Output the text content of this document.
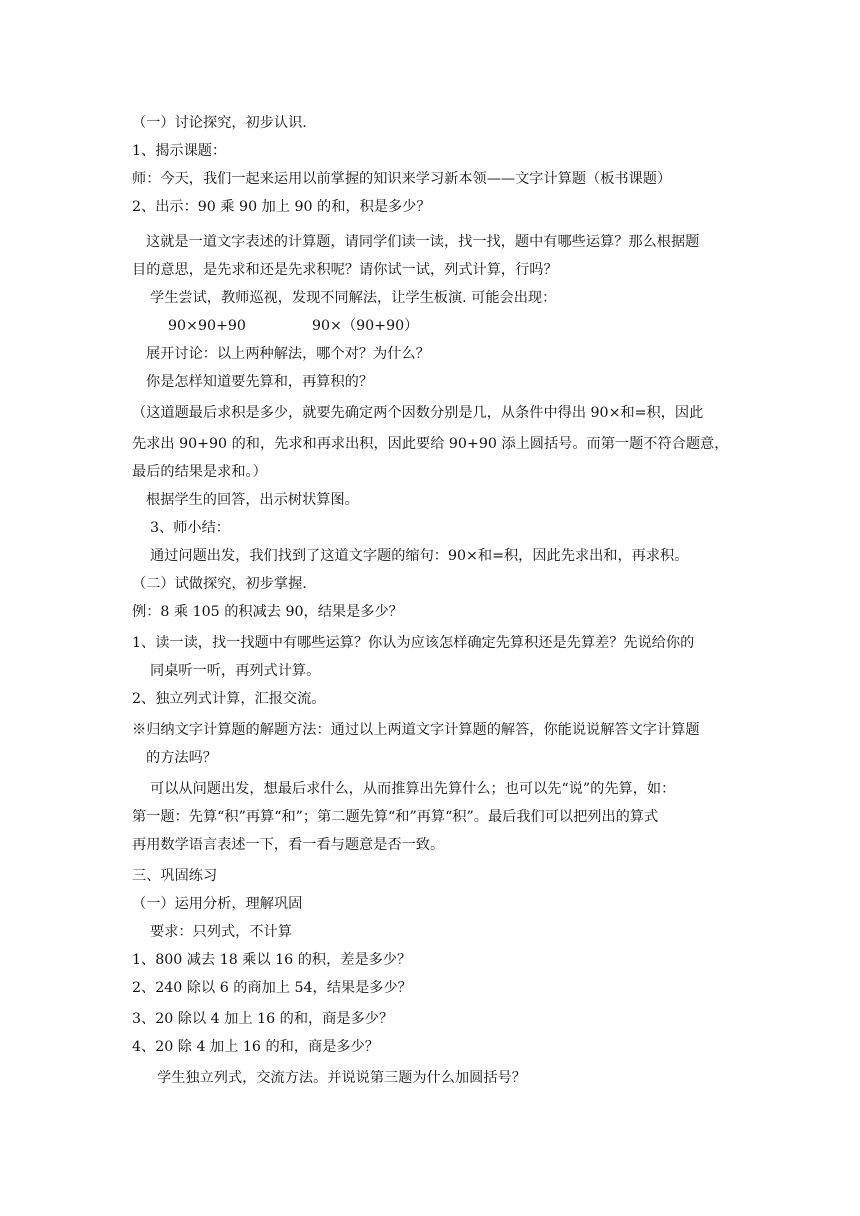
（一）讨论探究，初步认识.
1、揭示课题：
师：今天，我们一起来运用以前掌握的知识来学习新本领——文字计算题（板书课题）
2、出示：90 乘 90 加上 90 的和，积是多少？
这就是一道文字表述的计算题，请同学们读一读，找一找，题中有哪些运算？那么根据题
目的意思，是先求和还是先求积呢？请你试一试，列式计算，行吗？
学生尝试，教师巡视，发现不同解法，让学生板演. 可能会出现：
90×90+90	90×（90+90）
展开讨论：以上两种解法，哪个对？为什么？
你是怎样知道要先算和，再算积的？
（这道题最后求积是多少，就要先确定两个因数分别是几，从条件中得出 90×和=积，因此
先求出 90+90 的和，先求和再求出积，因此要给 90+90 添上圆括号。而第一题不符合题意，
最后的结果是求和。）
根据学生的回答，出示树状算图。
3、师小结：
通过问题出发，我们找到了这道文字题的缩句：90×和=积，因此先求出和，再求积。
（二）试做探究，初步掌握.
例：8 乘 105 的积减去 90，结果是多少？
1、读一读，找一找题中有哪些运算？你认为应该怎样确定先算积还是先算差？先说给你的
同桌听一听，再列式计算。
2、独立列式计算，汇报交流。
※归纳文字计算题的解题方法：通过以上两道文字计算题的解答，你能说说解答文字计算题
的方法吗？
可以从问题出发，想最后求什么，从而推算出先算什么；也可以先“说”的先算，如：
第一题：先算“积”再算“和”；第二题先算“和”再算“积”。最后我们可以把列出的算式
再用数学语言表述一下，看一看与题意是否一致。
三、巩固练习
（一）运用分析，理解巩固
要求：只列式，不计算
1、800 减去 18 乘以 16 的积，差是多少？
2、240 除以 6 的商加上 54，结果是多少？
3、20 除以 4 加上 16 的和，商是多少？
4、20 除 4 加上 16 的和，商是多少？
学生独立列式，交流方法。并说说第三题为什么加圆括号？
